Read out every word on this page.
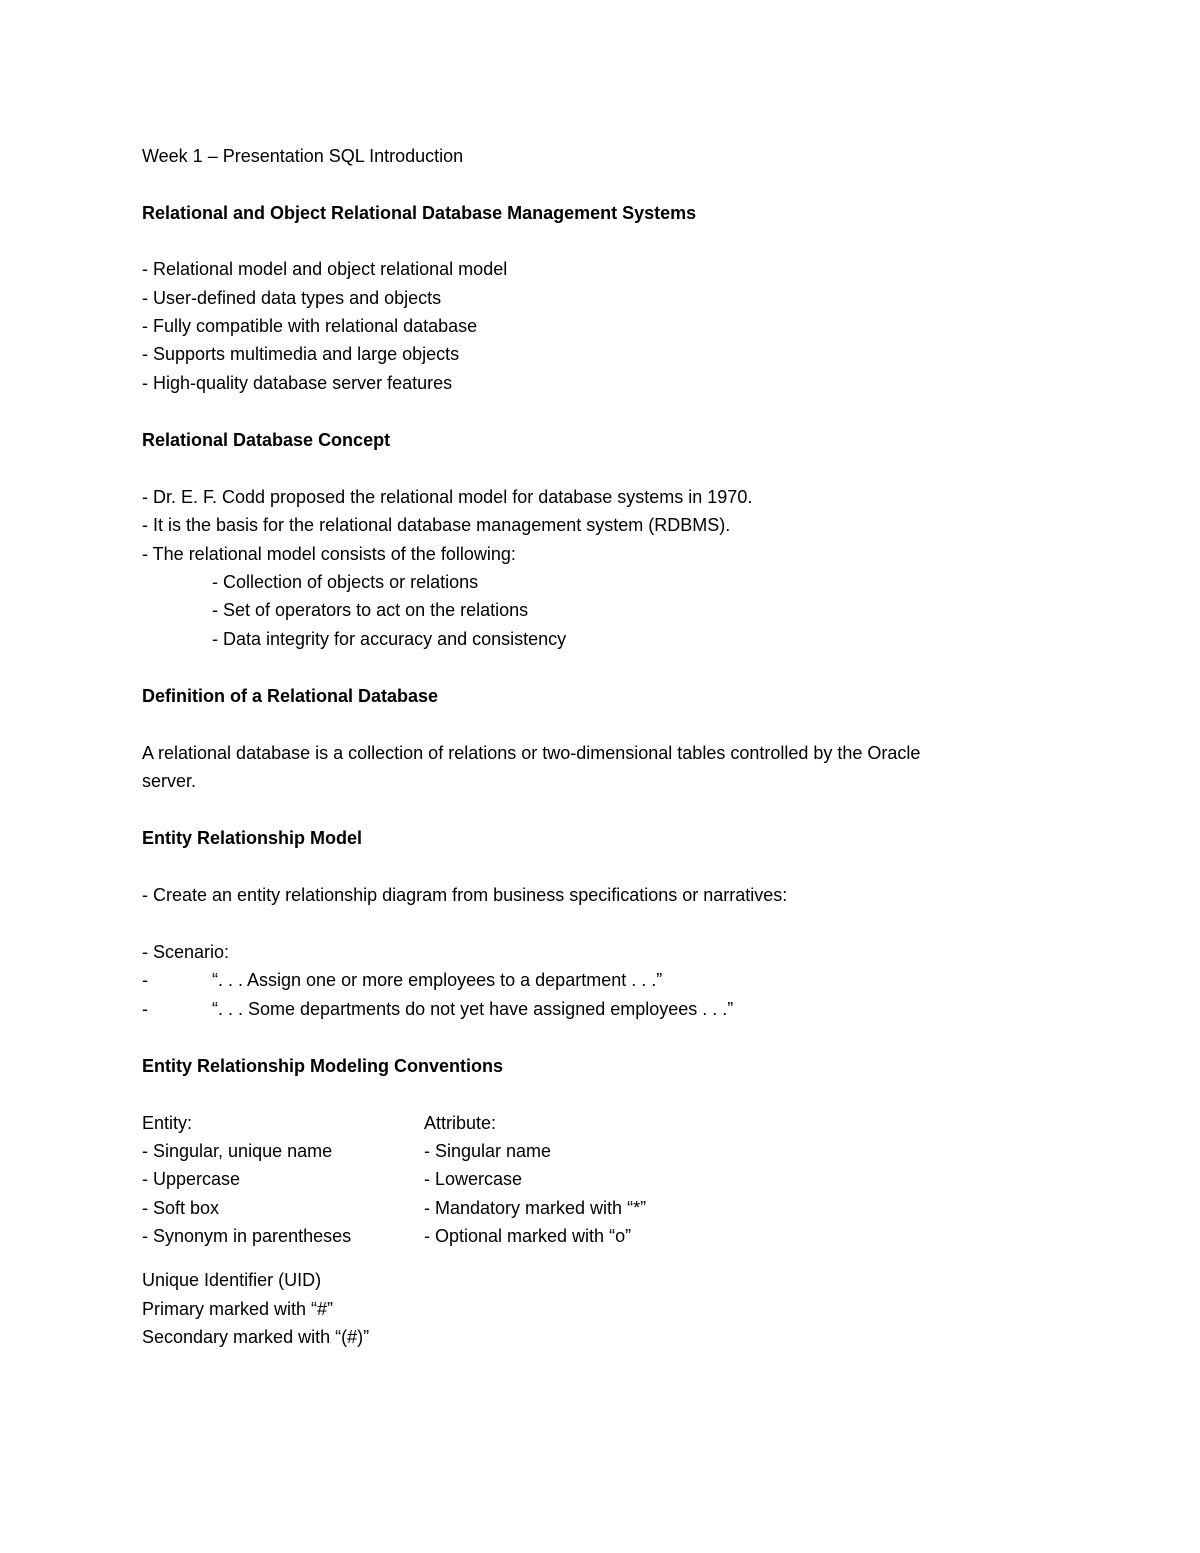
Week 1 – Presentation SQL Introduction
Relational and Object Relational Database Management Systems
- Relational model and object relational model
- User-defined data types and objects
- Fully compatible with relational database
- Supports multimedia and large objects
- High-quality database server features
Relational Database Concept
- Dr. E. F. Codd proposed the relational model for database systems in 1970.
- It is the basis for the relational database management system (RDBMS).
- The relational model consists of the following:
- Collection of objects or relations
- Set of operators to act on the relations
- Data integrity for accuracy and consistency
Definition of a Relational Database
A relational database is a collection of relations or two-dimensional tables controlled by the Oracle
server.
Entity Relationship Model
- Create an entity relationship diagram from business specifications or narratives:
- Scenario:
-	“. . . Assign one or more employees to a department . . .”
-	“. . . Some departments do not yet have assigned employees . . .”
Entity Relationship Modeling Conventions
Entity:
- Singular, unique name
- Uppercase
- Soft box
- Synonym in parentheses
Attribute:
- Singular name
- Lowercase
- Mandatory marked with “*”
- Optional marked with “o”
Unique Identifier (UID)
Primary marked with “#”
Secondary marked with “(#)”
